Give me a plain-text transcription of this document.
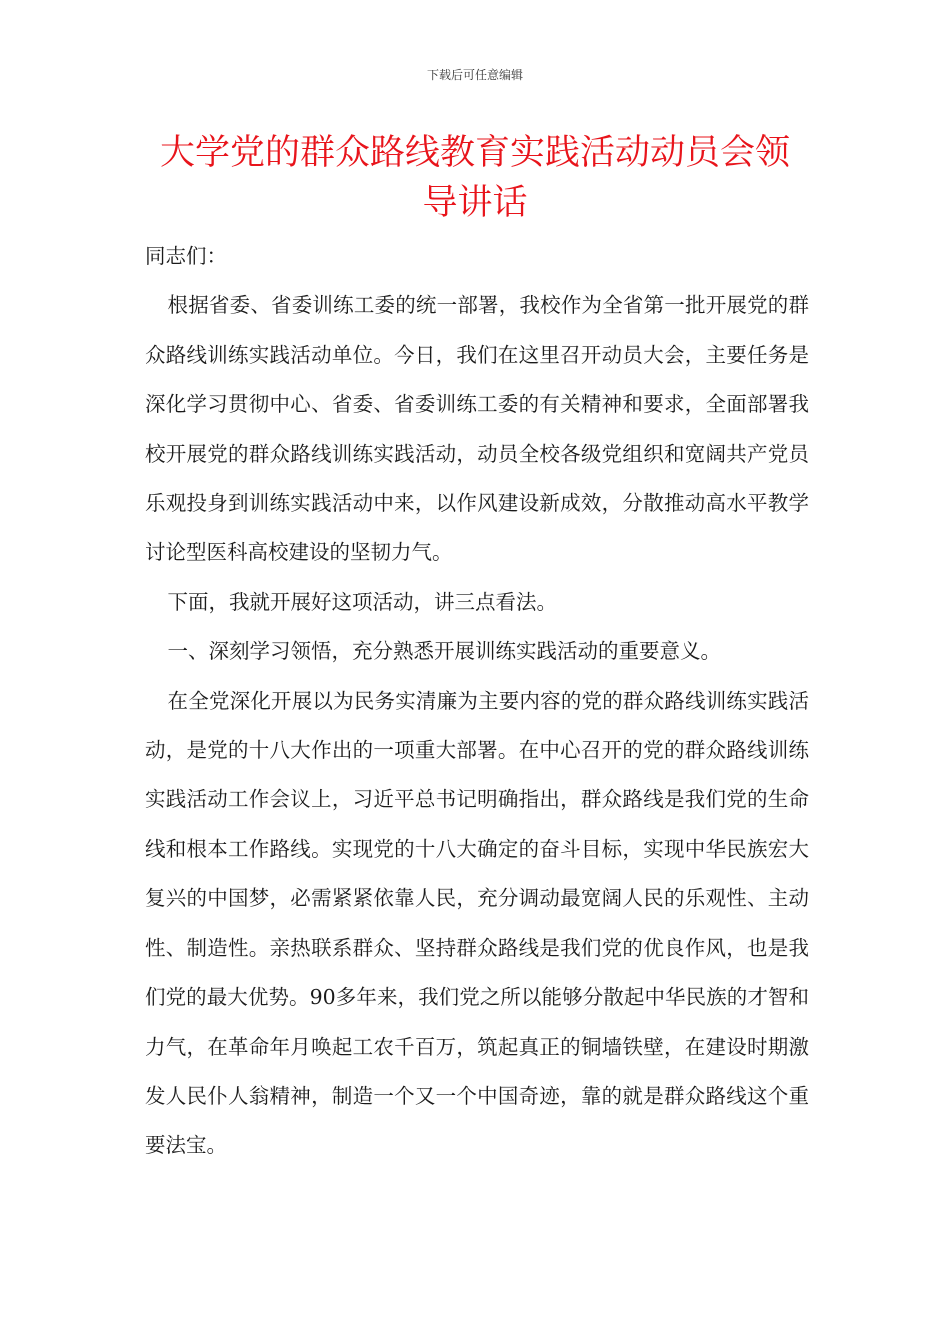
下载后可任意编辑
大学党的群众路线教育实践活动动员会领
导讲话

同志们：

根据省委、省委训练工委的统一部署，我校作为全省第一批开展党的群众路线训练实践活动单位。今日，我们在这里召开动员大会，主要任务是深化学习贯彻中心、省委、省委训练工委的有关精神和要求，全面部署我校开展党的群众路线训练实践活动，动员全校各级党组织和宽阔共产党员乐观投身到训练实践活动中来，以作风建设新成效，分散推动高水平教学讨论型医科高校建设的坚韧力气。

下面，我就开展好这项活动，讲三点看法。

一、深刻学习领悟，充分熟悉开展训练实践活动的重要意义。

在全党深化开展以为民务实清廉为主要内容的党的群众路线训练实践活动，是党的十八大作出的一项重大部署。在中心召开的党的群众路线训练实践活动工作会议上，习近平总书记明确指出，群众路线是我们党的生命线和根本工作路线。实现党的十八大确定的奋斗目标，实现中华民族宏大复兴的中国梦，必需紧紧依靠人民，充分调动最宽阔人民的乐观性、主动性、制造性。亲热联系群众、坚持群众路线是我们党的优良作风，也是我们党的最大优势。90多年来，我们党之所以能够分散起中华民族的才智和力气，在革命年月唤起工农千百万，筑起真正的铜墙铁壁，在建设时期激发人民仆人翁精神，制造一个又一个中国奇迹，靠的就是群众路线这个重要法宝。
